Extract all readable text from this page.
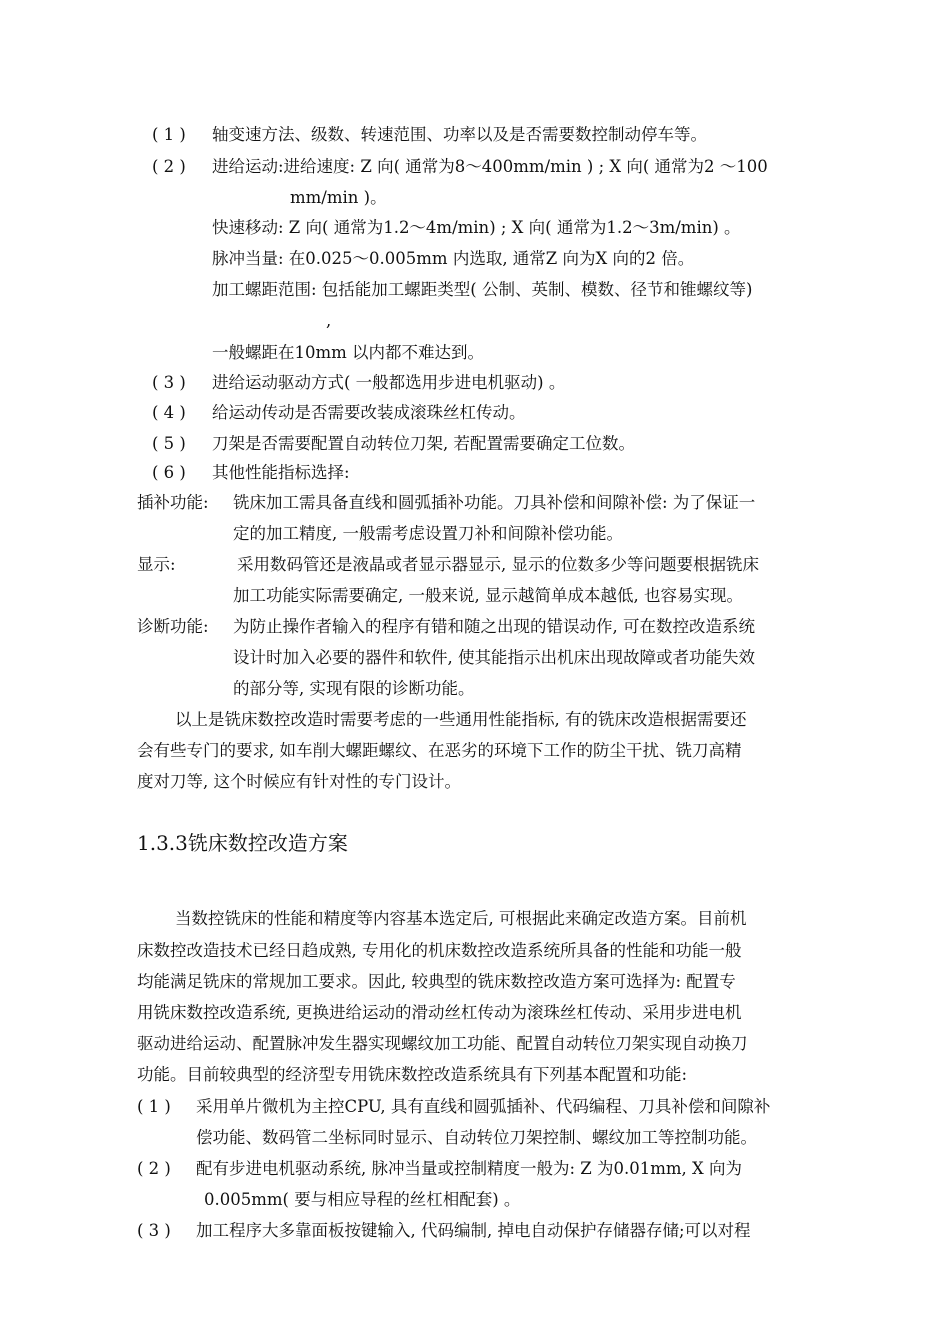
( 1 ) 轴变速方法、级数、转速范围、功率以及是否需要数控制动停车等。
( 2 ) 进给运动:进给速度: Z 向( 通常为8～400mm/min ) ; X 向( 通常为2 ～100
mm/min )。
快速移动: Z 向( 通常为1.2～4m/min) ; X 向( 通常为1.2～3m/min) 。
脉冲当量: 在0.025～0.005mm 内选取, 通常Z 向为X 向的2 倍。
加工螺距范围: 包括能加工螺距类型( 公制、英制、模数、径节和锥螺纹等)
,
一般螺距在10mm 以内都不难达到。
( 3 ) 进给运动驱动方式( 一般都选用步进电机驱动) 。
( 4 ) 给运动传动是否需要改装成滚珠丝杠传动。
( 5 ) 刀架是否需要配置自动转位刀架, 若配置需要确定工位数。
( 6 ) 其他性能指标选择:
插补功能: 铣床加工需具备直线和圆弧插补功能。刀具补偿和间隙补偿: 为了保证一
定的加工精度, 一般需考虑设置刀补和间隙补偿功能。
显示:	采用数码管还是液晶或者显示器显示, 显示的位数多少等问题要根据铣床
加工功能实际需要确定, 一般来说, 显示越简单成本越低, 也容易实现。
诊断功能: 为防止操作者输入的程序有错和随之出现的错误动作, 可在数控改造系统
设计时加入必要的器件和软件, 使其能指示出机床出现故障或者功能失效
的部分等, 实现有限的诊断功能。
以上是铣床数控改造时需要考虑的一些通用性能指标, 有的铣床改造根据需要还
会有些专门的要求, 如车削大螺距螺纹、在恶劣的环境下工作的防尘干扰、铣刀高精
度对刀等, 这个时候应有针对性的专门设计。
1.3.3铣床数控改造方案
当数控铣床的性能和精度等内容基本选定后, 可根据此来确定改造方案。目前机
床数控改造技术已经日趋成熟, 专用化的机床数控改造系统所具备的性能和功能一般
均能满足铣床的常规加工要求。因此, 较典型的铣床数控改造方案可选择为: 配置专
用铣床数控改造系统, 更换进给运动的滑动丝杠传动为滚珠丝杠传动、采用步进电机
驱动进给运动、配置脉冲发生器实现螺纹加工功能、配置自动转位刀架实现自动换刀
功能。目前较典型的经济型专用铣床数控改造系统具有下列基本配置和功能:
( 1 ) 采用单片微机为主控CPU, 具有直线和圆弧插补、代码编程、刀具补偿和间隙补
偿功能、数码管二坐标同时显示、自动转位刀架控制、螺纹加工等控制功能。
( 2 ) 配有步进电机驱动系统, 脉冲当量或控制精度一般为: Z 为0.01mm, X 向为
0.005mm( 要与相应导程的丝杠相配套) 。
( 3 ) 加工程序大多靠面板按键输入, 代码编制, 掉电自动保护存储器存储;可以对程
